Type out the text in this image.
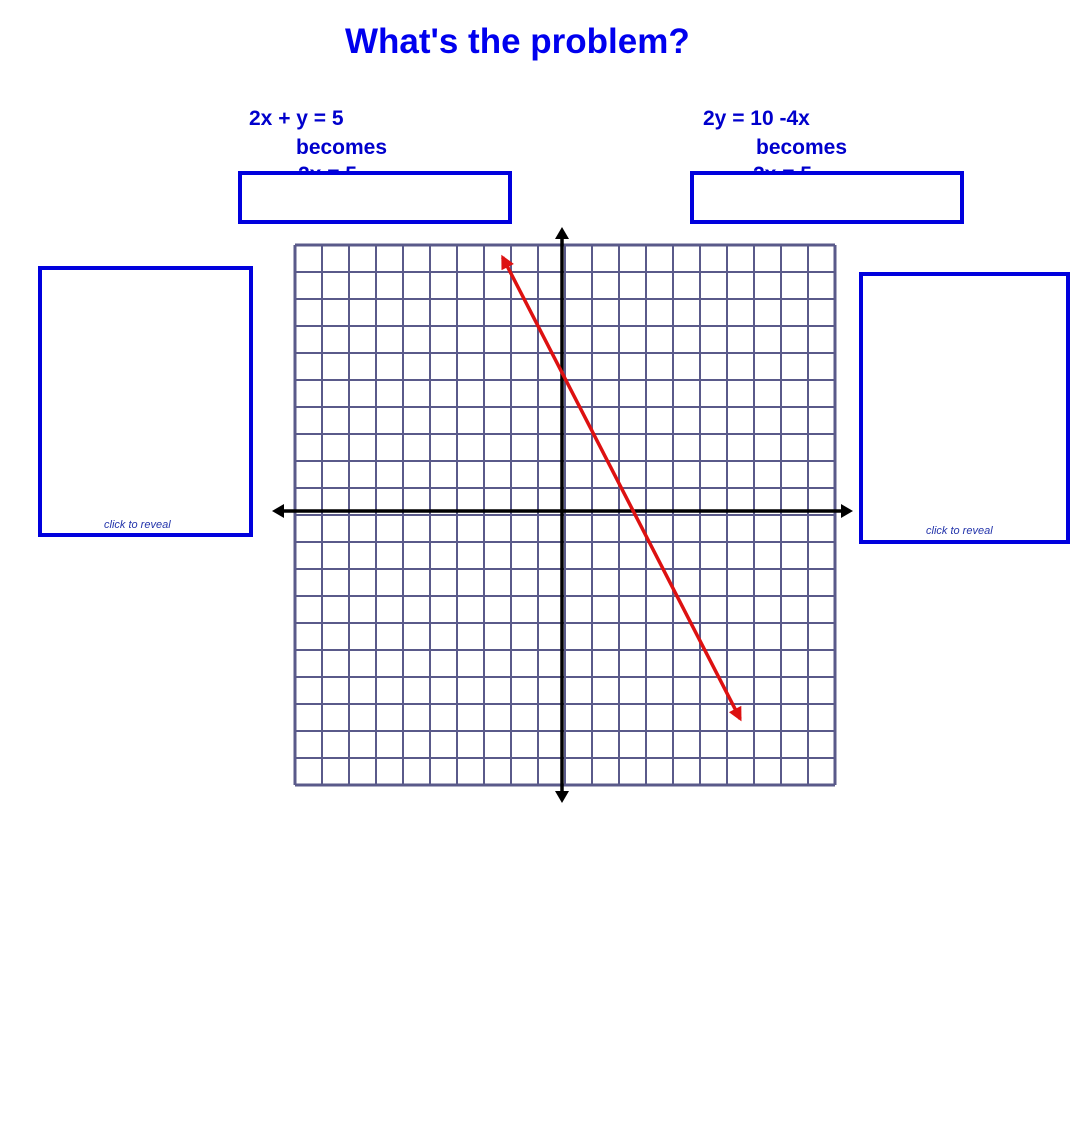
What's the problem?
2x + y = 5
becomes
2y = 10 -4x
becomes
click to reveal	click to reveal
